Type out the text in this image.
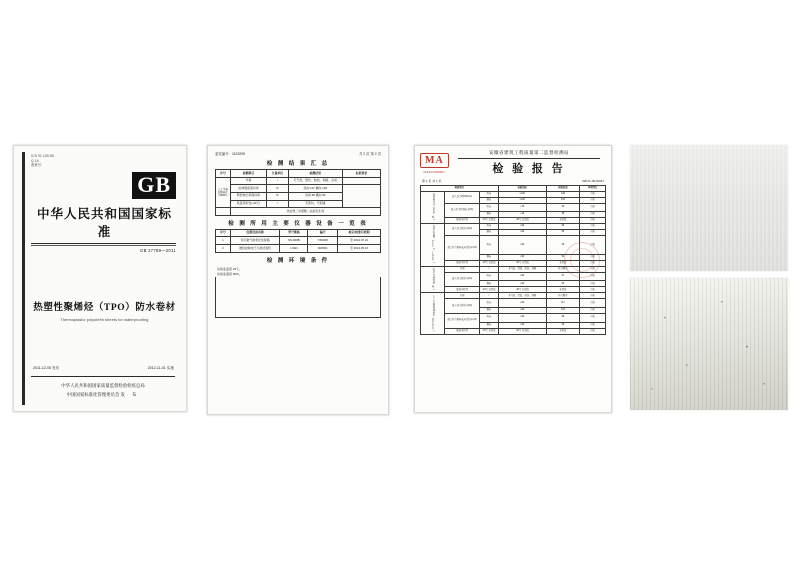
ICS 91.100.50
Q 14
备案号:
GB
中华人民共和国国家标准
GB 27789—2011
热塑性聚烯烃（TPO）防水卷材
Thermoplastic polyolefin sheets for waterproofing
2011-12-05 发布	2012-11-01 实施
中华人民共和国国家质量监督检验检疫总局
中国国家标准化管理委员会 发 布
委托编号：1102099	共 2 页 第 2 页
检 测 结 果 汇 总
序号	检测项目	计量单位	检测结果	标准要求
人工气候加速老化（6000h）	外观	/	无气泡、裂纹、粘结、划痕、杂质	
	拉伸强度保持率	%	纵向 117 横向 128	
	断裂伸长率保持率	%	纵向 98 横向 95	
	低温弯折性(-40℃)	/	无裂纹、无裂缝	
	热处理二异氰酸二油亚乳化剂			
检 测 所 用 主 要 仪 器 设 备 一 览 表
序号	仪器设备名称	型号规格	编号	检定/校准有效期
1	氙灯耐气候老化试验箱	SN-900B	TZ0408	至 2012.07.21
2	微机控制电子万能试验机	1.5kN	RW001	至 2013.05.16
检 测 环 境 条 件
实验室温度 23℃。
实验室湿度 50%。
MA
161201060607
安徽省建筑工程质量第二监督检测站
检 验 报 告
第 1 页 共 1 页	WPJC-05-W047
检验项目			标准指标	检验结果	单项判定
热处理尺寸变化率（%）	最大拉力(N/50mm)	纵向	≥100	148	合格
		横向	≥100	152	合格
	最大拉力时伸长率(%)	纵向	≥15	36	合格
		横向	≥15	38	合格
	低温弯折性	-40℃ 无裂纹	-40℃ 无裂纹	无裂纹	合格
热老化处理（115℃ 168h）	最大拉力保持率(%)	纵向	≥90	99	合格
		横向	≥90	98	合格
	最大拉力时伸长率保持率(%)	纵向	≥90	96	合格
		横向	≥90	94	合格
	低温弯折性	-40℃ 无裂纹	-40℃ 无裂纹	无裂纹	合格
化学介质处理（%）	外观	/	无气泡、裂纹、粘结、划痕	符合要求	合格
	最大拉力保持率(%)	纵向	≥90	97	合格
		横向	≥90	95	合格
	低温弯折性	-40℃ 无裂纹	-40℃ 无裂纹	无裂纹	合格
人工气候加速老化（6000h）	外观	/	无气泡、裂纹、粘结、划痕	符合要求	合格
	最大拉力保持率(%)	纵向	≥90	117	合格
		横向	≥90	128	合格
	最大拉力时伸长率保持率(%)	纵向	≥90	98	合格
		横向	≥90	95	合格
	低温弯折性	-40℃ 无裂纹	-40℃ 无裂纹	无裂纹	合格
